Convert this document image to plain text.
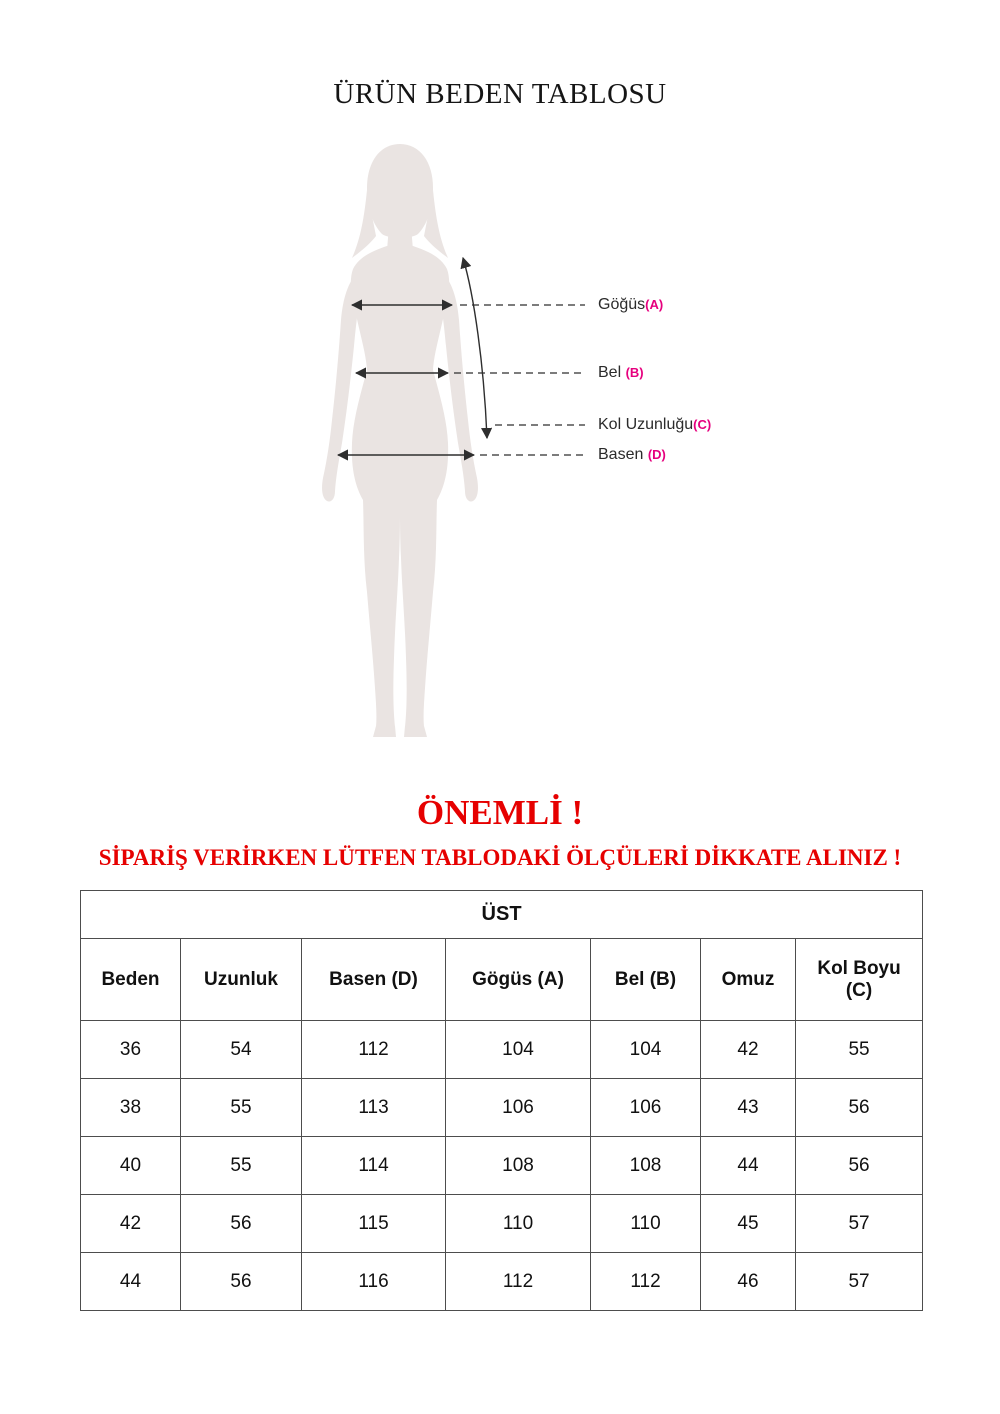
ÜRÜN BEDEN TABLOSU
Göğüs(A)
Bel (B)
Kol Uzunluğu(C)
Basen (D)
ÖNEMLİ !
SİPARİŞ VERİRKEN LÜTFEN TABLODAKİ ÖLÇÜLERİ DİKKATE ALINIZ !
ÜST						
Beden	Uzunluk	Basen (D)	Gögüs (A)	Bel (B)	Omuz	Kol Boyu (C)
36	54	112	104	104	42	55
38	55	113	106	106	43	56
40	55	114	108	108	44	56
42	56	115	110	110	45	57
44	56	116	112	112	46	57
